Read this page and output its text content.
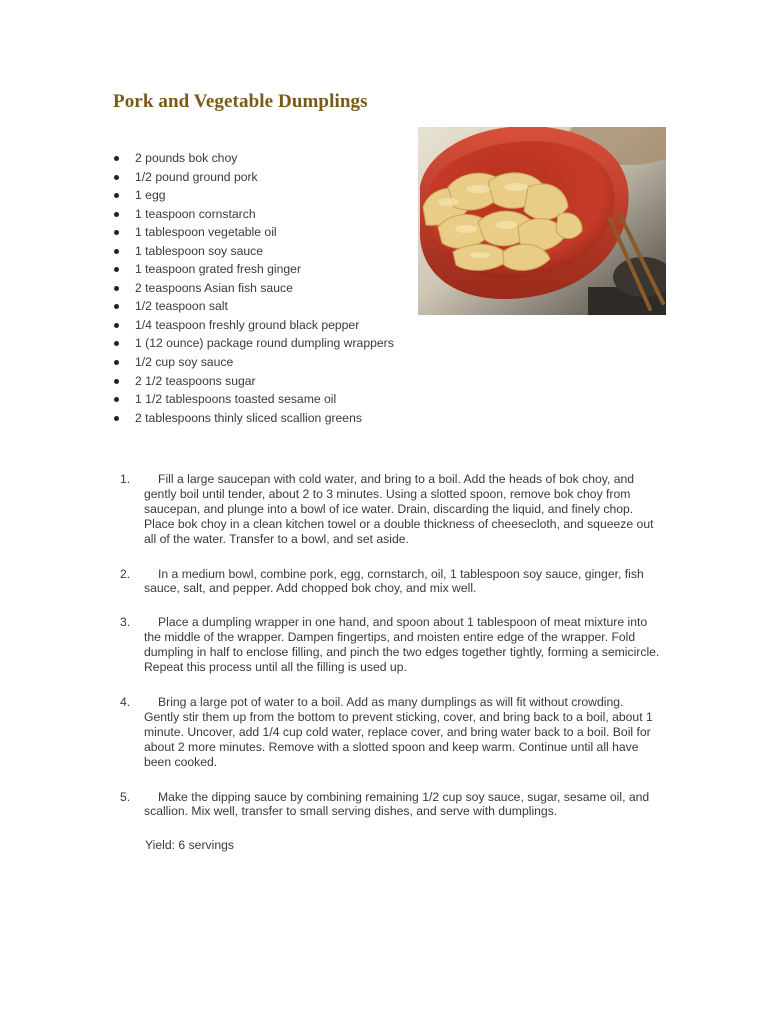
Pork and Vegetable Dumplings
2 pounds bok choy
1/2 pound ground pork
1 egg
1 teaspoon cornstarch
1 tablespoon vegetable oil
1 tablespoon soy sauce
1 teaspoon grated fresh ginger
2 teaspoons Asian fish sauce
1/2 teaspoon salt
1/4 teaspoon freshly ground black pepper
1 (12 ounce) package round dumpling wrappers
1/2 cup soy sauce
2 1/2 teaspoons sugar
1 1/2 tablespoons toasted sesame oil
2 tablespoons thinly sliced scallion greens
1.	Fill a large saucepan with cold water, and bring to a boil. Add the heads of bok choy, and gently boil until tender, about 2 to 3 minutes. Using a slotted spoon, remove bok choy from saucepan, and plunge into a bowl of ice water. Drain, discarding the liquid, and finely chop. Place bok choy in a clean kitchen towel or a double thickness of cheesecloth, and squeeze out all of the water. Transfer to a bowl, and set aside.
2.	In a medium bowl, combine pork, egg, cornstarch, oil, 1 tablespoon soy sauce, ginger, fish sauce, salt, and pepper. Add chopped bok choy, and mix well.
3.	Place a dumpling wrapper in one hand, and spoon about 1 tablespoon of meat mixture into the middle of the wrapper. Dampen fingertips, and moisten entire edge of the wrapper. Fold dumpling in half to enclose filling, and pinch the two edges together tightly, forming a semicircle. Repeat this process until all the filling is used up.
4.	Bring a large pot of water to a boil. Add as many dumplings as will fit without crowding. Gently stir them up from the bottom to prevent sticking, cover, and bring back to a boil, about 1 minute. Uncover, add 1/4 cup cold water, replace cover, and bring water back to a boil. Boil for about 2 more minutes. Remove with a slotted spoon and keep warm. Continue until all have been cooked.
5.	Make the dipping sauce by combining remaining 1/2 cup soy sauce, sugar, sesame oil, and scallion. Mix well, transfer to small serving dishes, and serve with dumplings.
Yield: 6 servings
